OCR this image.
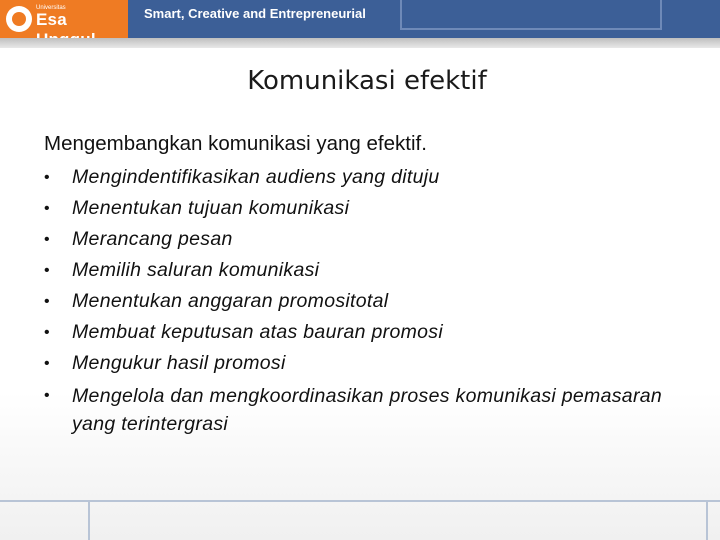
Universitas
Esa	Smart, Creative and Entrepreneurial
Komunikasi efektif
Mengembangkan komunikasi yang efektif.
• Mengindentifikasikan audiens yang dituju
• Menentukan tujuan komunikasi
• Merancang pesan
• Memilih saluran komunikasi
• Menentukan anggaran promositotal
• Membuat keputusan atas bauran promosi
• Mengukur hasil promosi
• Mengelola dan mengkoordinasikan proses komunikasi pemasaran yang terintergrasi
